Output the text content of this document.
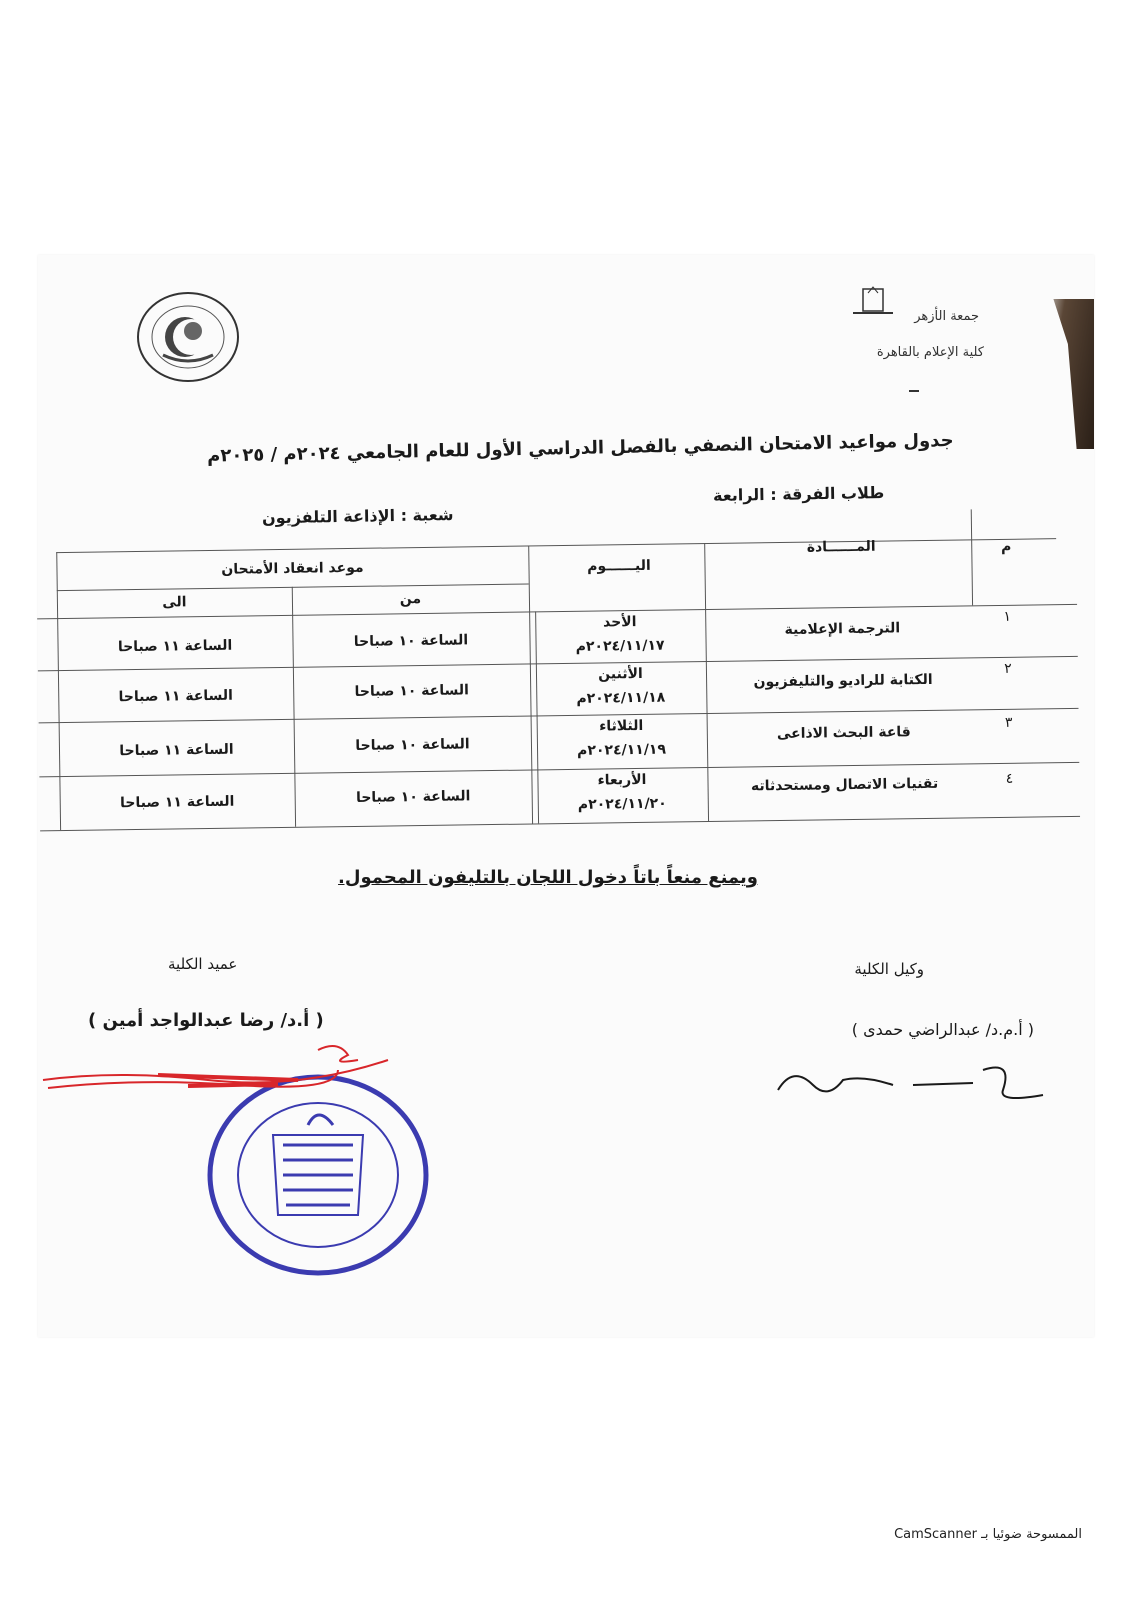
جمعة الأزهر
كلية الإعلام بالقاهرة
جدول مواعيد الامتحان النصفي بالفصل الدراسي الأول للعام الجامعي ٢٠٢٤م / ٢٠٢٥م
طلاب الفرقة : الرابعة
شعبة : الإذاعة التلفزيون
م
المــــــادة
اليــــــوم
موعد انعقاد الأمتحان
من
الى
١
الترجمة الإعلامية
الأحد
٢٠٢٤/١١/١٧م
الساعة ١٠ صباحا
الساعة ١١ صباحا
٢
الكتابة للراديو والتليفزيون
الأثنين
٢٠٢٤/١١/١٨م
الساعة ١٠ صباحا
الساعة ١١ صباحا
٣
قاعة البحث الاذاعى
الثلاثاء
٢٠٢٤/١١/١٩م
الساعة ١٠ صباحا
الساعة ١١ صباحا
٤
تقنيات الاتصال ومستحدثاته
الأربعاء
٢٠٢٤/١١/٢٠م
الساعة ١٠ صباحا
الساعة ١١ صباحا
ويمنع منعاً باتاً دخول اللجان بالتليفون المحمول.
عميد الكلية
( أ.د/ رضا عبدالواجد أمين )
وكيل الكلية
( أ.م.د/ عبدالراضي حمدى )
الممسوحة ضوئيا بـ CamScanner
